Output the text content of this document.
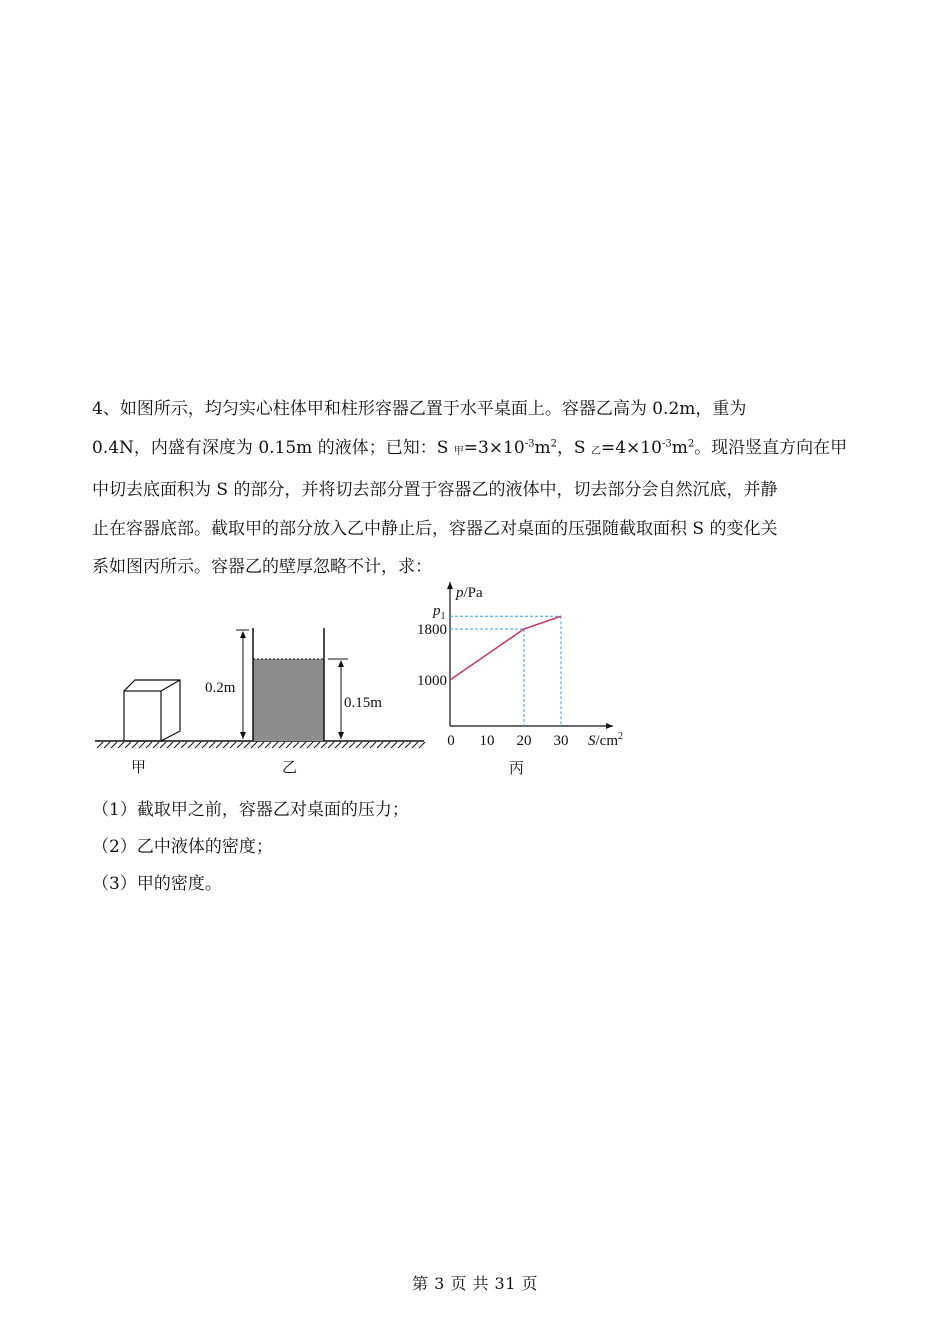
4、如图所示，均匀实心柱体甲和柱形容器乙置于水平桌面上。容器乙高为 0.2m，重为

0.4N，内盛有深度为 0.15m 的液体；已知：S 甲$=3\times 10^{-3}m^2$，S 乙$=4\times 10^{-3}m^2$。现沿竖直方向在甲

中切去底面积为 S 的部分，并将切去部分置于容器乙的液体中，切去部分会自然沉底，并静

止在容器底部。截取甲的部分放入乙中静止后，容器乙对桌面的压强随截取面积 S 的变化关

系如图丙所示。容器乙的壁厚忽略不计，求：

0.2m
0.15m
甲	乙	丙
p/Pa
$S/cm^2$
$p_1$
0 10 20 30
1000
1800

（1）截取甲之前，容器乙对桌面的压力；

（2）乙中液体的密度；

（3）甲的密度。

第 3 页 共 31 页
